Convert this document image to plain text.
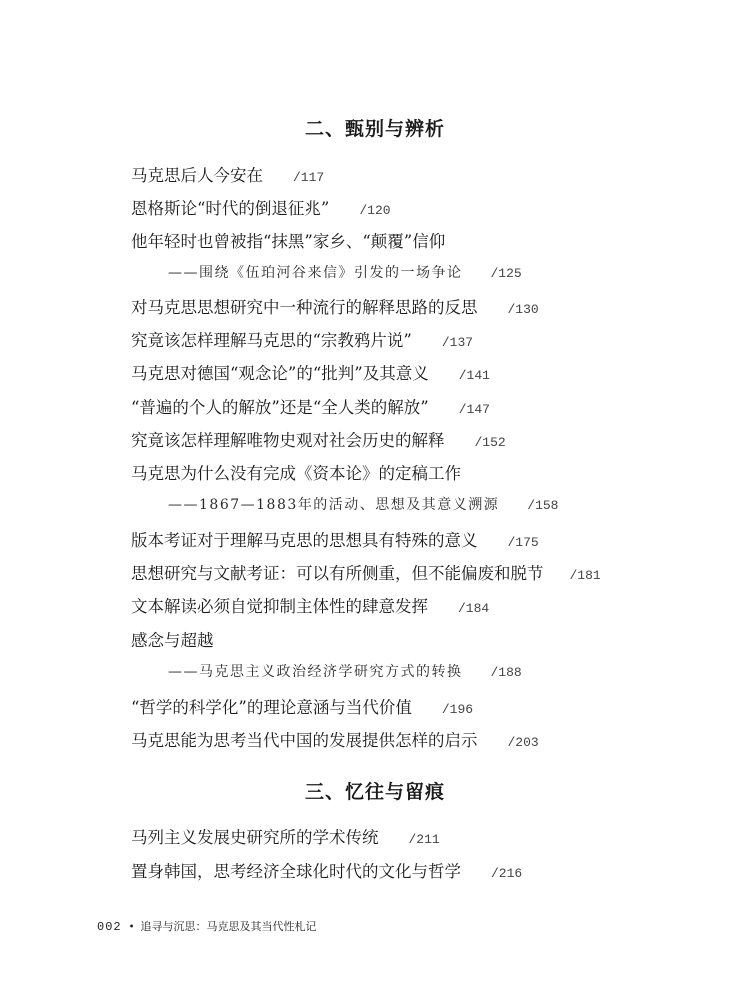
二、甄别与辨析
马克思后人今安在 /117
恩格斯论“时代的倒退征兆” /120
他年轻时也曾被指“抹黑”家乡、“颠覆”信仰
——围绕《伍珀河谷来信》引发的一场争论 /125
对马克思思想研究中一种流行的解释思路的反思 /130
究竟该怎样理解马克思的“宗教鸦片说” /137
马克思对德国“观念论”的“批判”及其意义 /141
“普遍的个人的解放”还是“全人类的解放” /147
究竟该怎样理解唯物史观对社会历史的解释 /152
马克思为什么没有完成《资本论》的定稿工作
——1867—1883年的活动、思想及其意义溯源 /158
版本考证对于理解马克思的思想具有特殊的意义 /175
思想研究与文献考证：可以有所侧重，但不能偏废和脱节 /181
文本解读必须自觉抑制主体性的肆意发挥 /184
感念与超越
——马克思主义政治经济学研究方式的转换 /188
“哲学的科学化”的理论意涵与当代价值 /196
马克思能为思考当代中国的发展提供怎样的启示 /203
三、忆往与留痕
马列主义发展史研究所的学术传统 /211
置身韩国，思考经济全球化时代的文化与哲学 /216
002 • 追寻与沉思：马克思及其当代性札记
